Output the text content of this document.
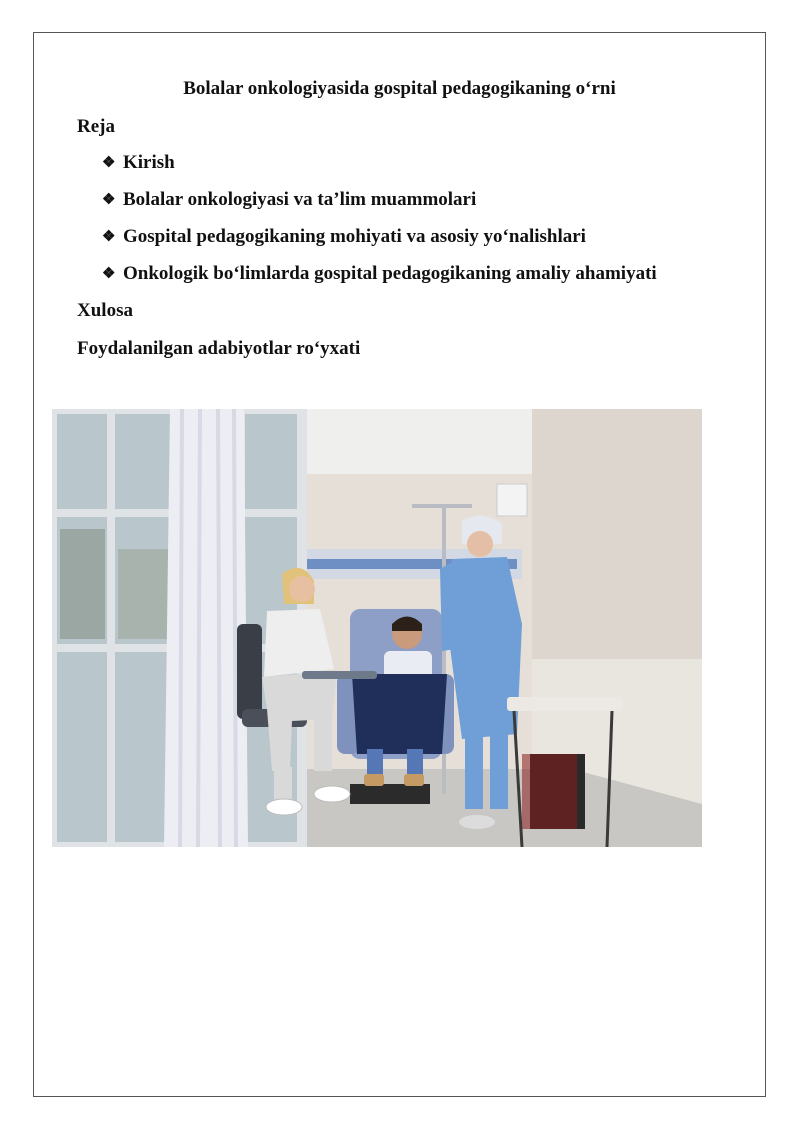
Bolalar onkologiyasida gospital pedagogikaning o‘rni
Reja
❖ Kirish
❖ Bolalar onkologiyasi va ta’lim muammolari
❖ Gospital pedagogikaning mohiyati va asosiy yo‘nalishlari
❖ Onkologik bo‘limlarda gospital pedagogikaning amaliy ahamiyati
Xulosa
Foydalanilgan adabiyotlar ro‘yxati
